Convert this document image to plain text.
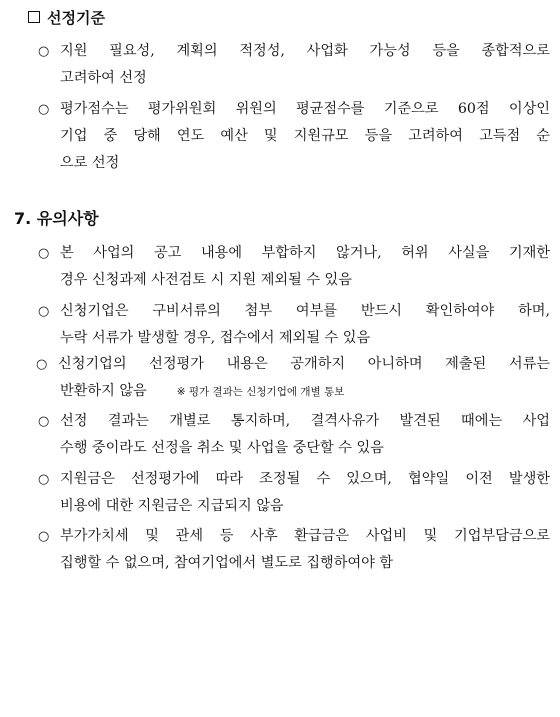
선정기준
○ 지원 필요성, 계획의 적정성, 사업화 가능성 등을 종합적으로
고려하여 선정
○ 평가점수는 평가위원회 위원의 평균점수를 기준으로 60점 이상인
기업 중 당해 연도 예산 및 지원규모 등을 고려하여 고득점 순
으로 선정
7. 유의사항
○ 본 사업의 공고 내용에 부합하지 않거나, 허위 사실을 기재한
경우 신청과제 사전검토 시 지원 제외될 수 있음
○ 신청기업은 구비서류의 첨부 여부를 반드시 확인하여야 하며,
누락 서류가 발생할 경우, 접수에서 제외될 수 있음
○ 신청기업의 선정평가 내용은 공개하지 아니하며 제출된 서류는
반환하지 않음	※ 평가 결과는 신청기업에 개별 통보
○ 선정 결과는 개별로 통지하며, 결격사유가 발견된 때에는 사업
수행 중이라도 선정을 취소 및 사업을 중단할 수 있음
○ 지원금은 선정평가에 따라 조정될 수 있으며, 협약일 이전 발생한
비용에 대한 지원금은 지급되지 않음
○ 부가가치세 및 관세 등 사후 환급금은 사업비 및 기업부담금으로
집행할 수 없으며, 참여기업에서 별도로 집행하여야 함
